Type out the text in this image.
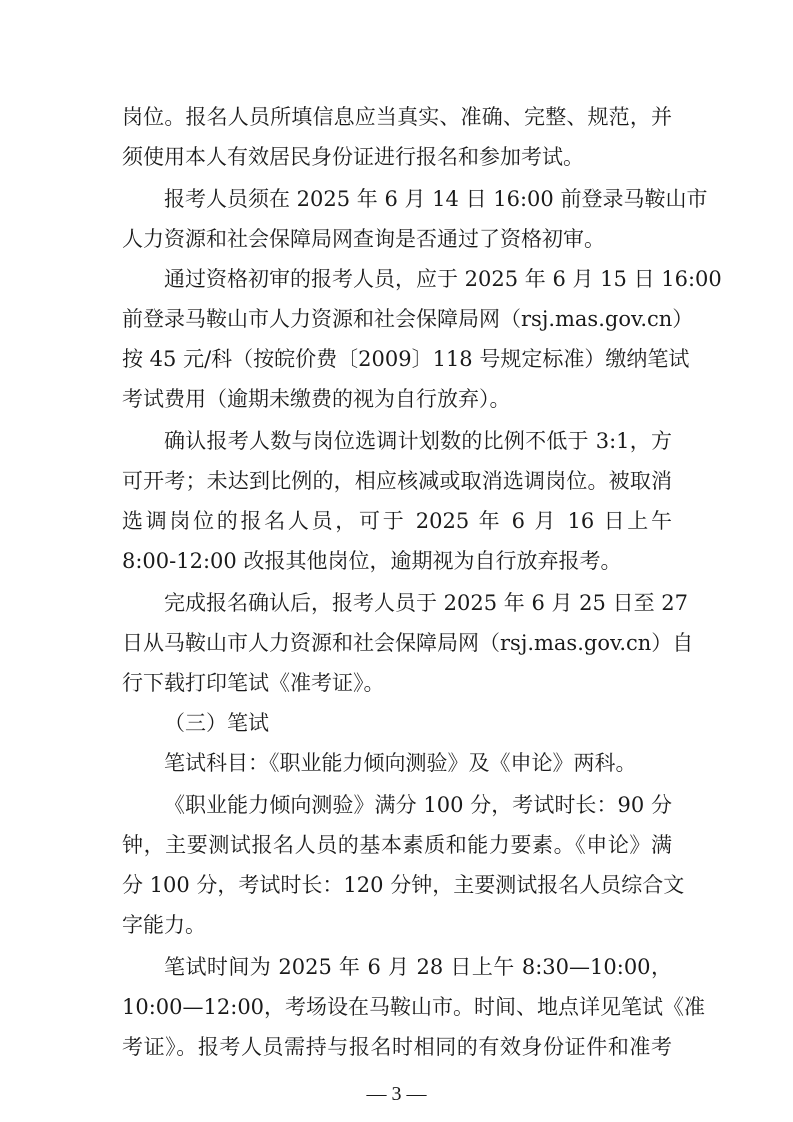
岗位。报名人员所填信息应当真实、准确、完整、规范，并
须使用本人有效居民身份证进行报名和参加考试。
报考人员须在 2025 年 6 月 14 日 16:00 前登录马鞍山市
人力资源和社会保障局网查询是否通过了资格初审。
通过资格初审的报考人员，应于 2025 年 6 月 15 日 16:00
前登录马鞍山市人力资源和社会保障局网（rsj.mas.gov.cn）
按 45 元/科（按皖价费〔2009〕118 号规定标准）缴纳笔试
考试费用（逾期未缴费的视为自行放弃）。
确认报考人数与岗位选调计划数的比例不低于 3:1，方
可开考；未达到比例的，相应核减或取消选调岗位。被取消
选调岗位的报名人员，可于 2025 年 6 月 16 日上午
8:00-12:00 改报其他岗位，逾期视为自行放弃报考。
完成报名确认后，报考人员于 2025 年 6 月 25 日至 27
日从马鞍山市人力资源和社会保障局网（rsj.mas.gov.cn）自
行下载打印笔试《准考证》。
（三）笔试
笔试科目：《职业能力倾向测验》及《申论》两科。
《职业能力倾向测验》满分 100 分，考试时长：90 分
钟，主要测试报名人员的基本素质和能力要素。《申论》满
分 100 分，考试时长：120 分钟，主要测试报名人员综合文
字能力。
笔试时间为 2025 年 6 月 28 日上午 8:30—10:00，
10:00—12:00，考场设在马鞍山市。时间、地点详见笔试《准
考证》。报考人员需持与报名时相同的有效身份证件和准考
— 3 —
